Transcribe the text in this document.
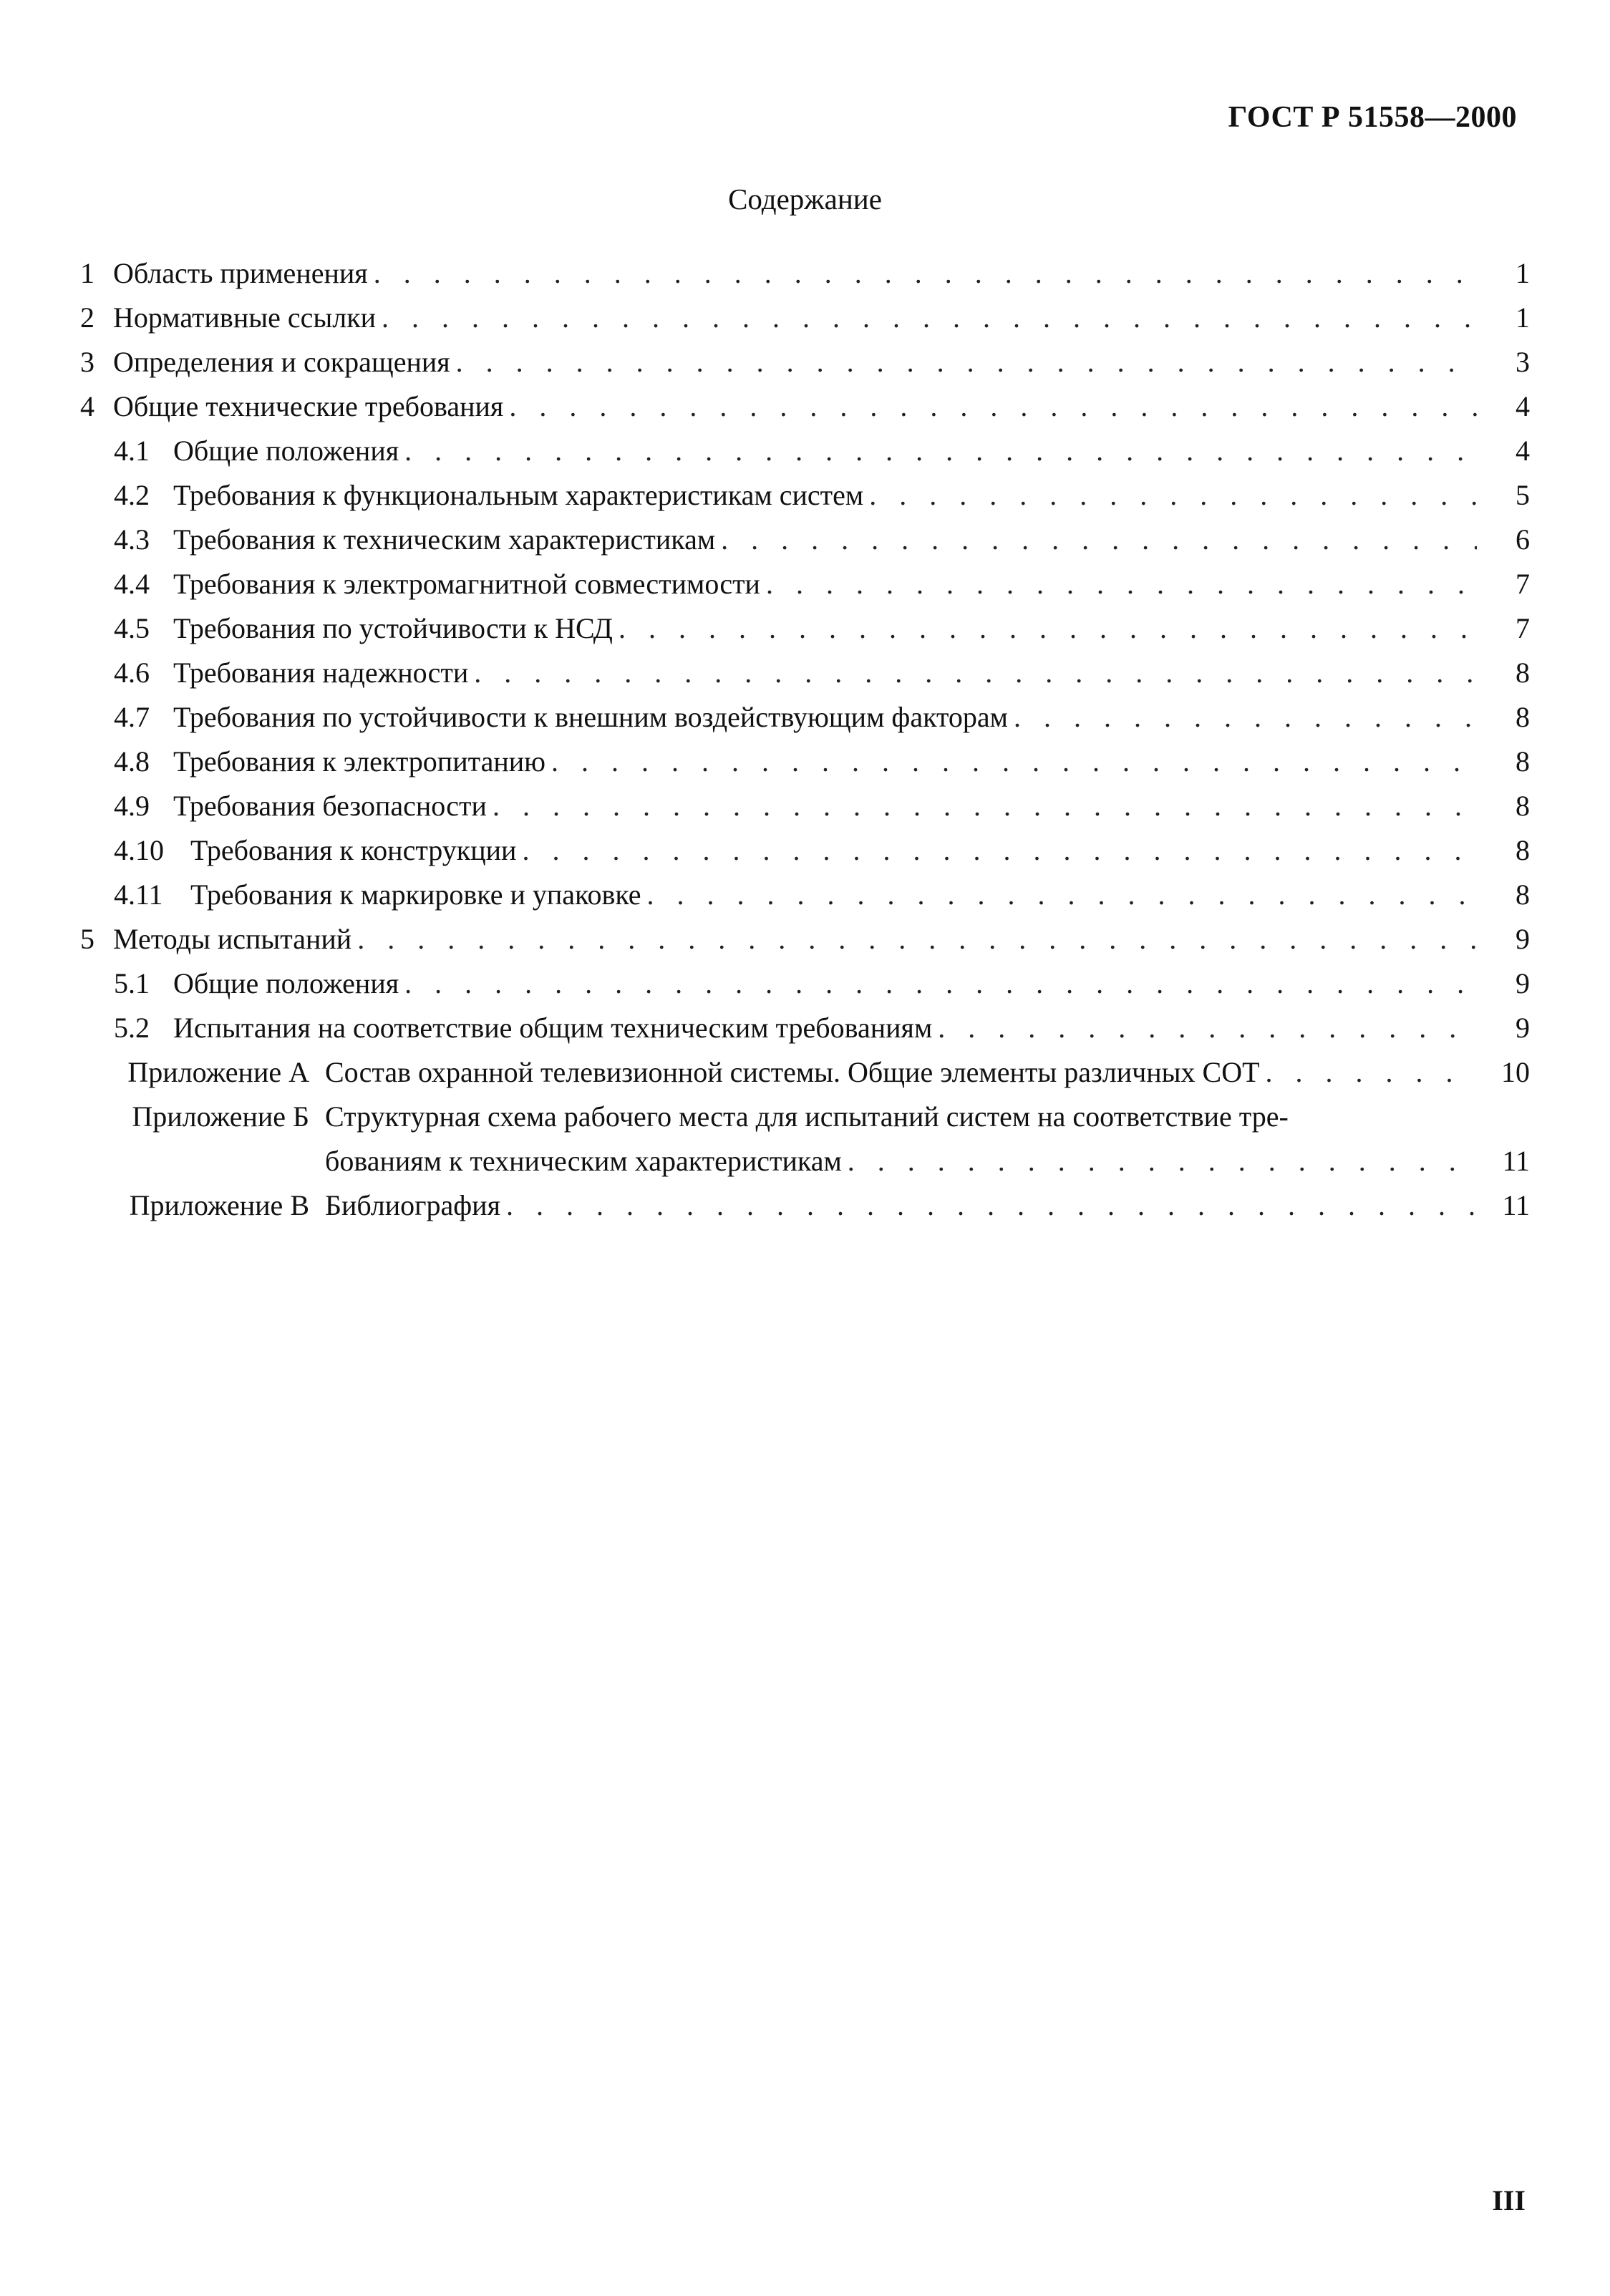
ГОСТ Р 51558—2000
Содержание
1 Область применения . . .	1
2 Нормативные ссылки . . .	1
3 Определения и сокращения . . .	3
4 Общие технические требования . . .	4
4.1 Общие положения . . .	4
4.2 Требования к функциональным характеристикам систем . . .	5
4.3 Требования к техническим характеристикам . . .	6
4.4 Требования к электромагнитной совместимости . . .	7
4.5 Требования по устойчивости к НСД . . .	7
4.6 Требования надежности . . .	8
4.7 Требования по устойчивости к внешним воздействующим факторам . . .	8
4.8 Требования к электропитанию . . .	8
4.9 Требования безопасности . . .	8
4.10 Требования к конструкции . . .	8
4.11 Требования к маркировке и упаковке . . .	8
5 Методы испытаний . . .	9
5.1 Общие положения . . .	9
5.2 Испытания на соответствие общим техническим требованиям . . .	9
Приложение А Состав охранной телевизионной системы. Общие элементы различных СОТ . . .	10
Приложение Б Структурная схема рабочего места для испытаний систем на соответствие тре-
бованиям к техническим характеристикам . . .	11
Приложение В Библиография . . .	11
III
